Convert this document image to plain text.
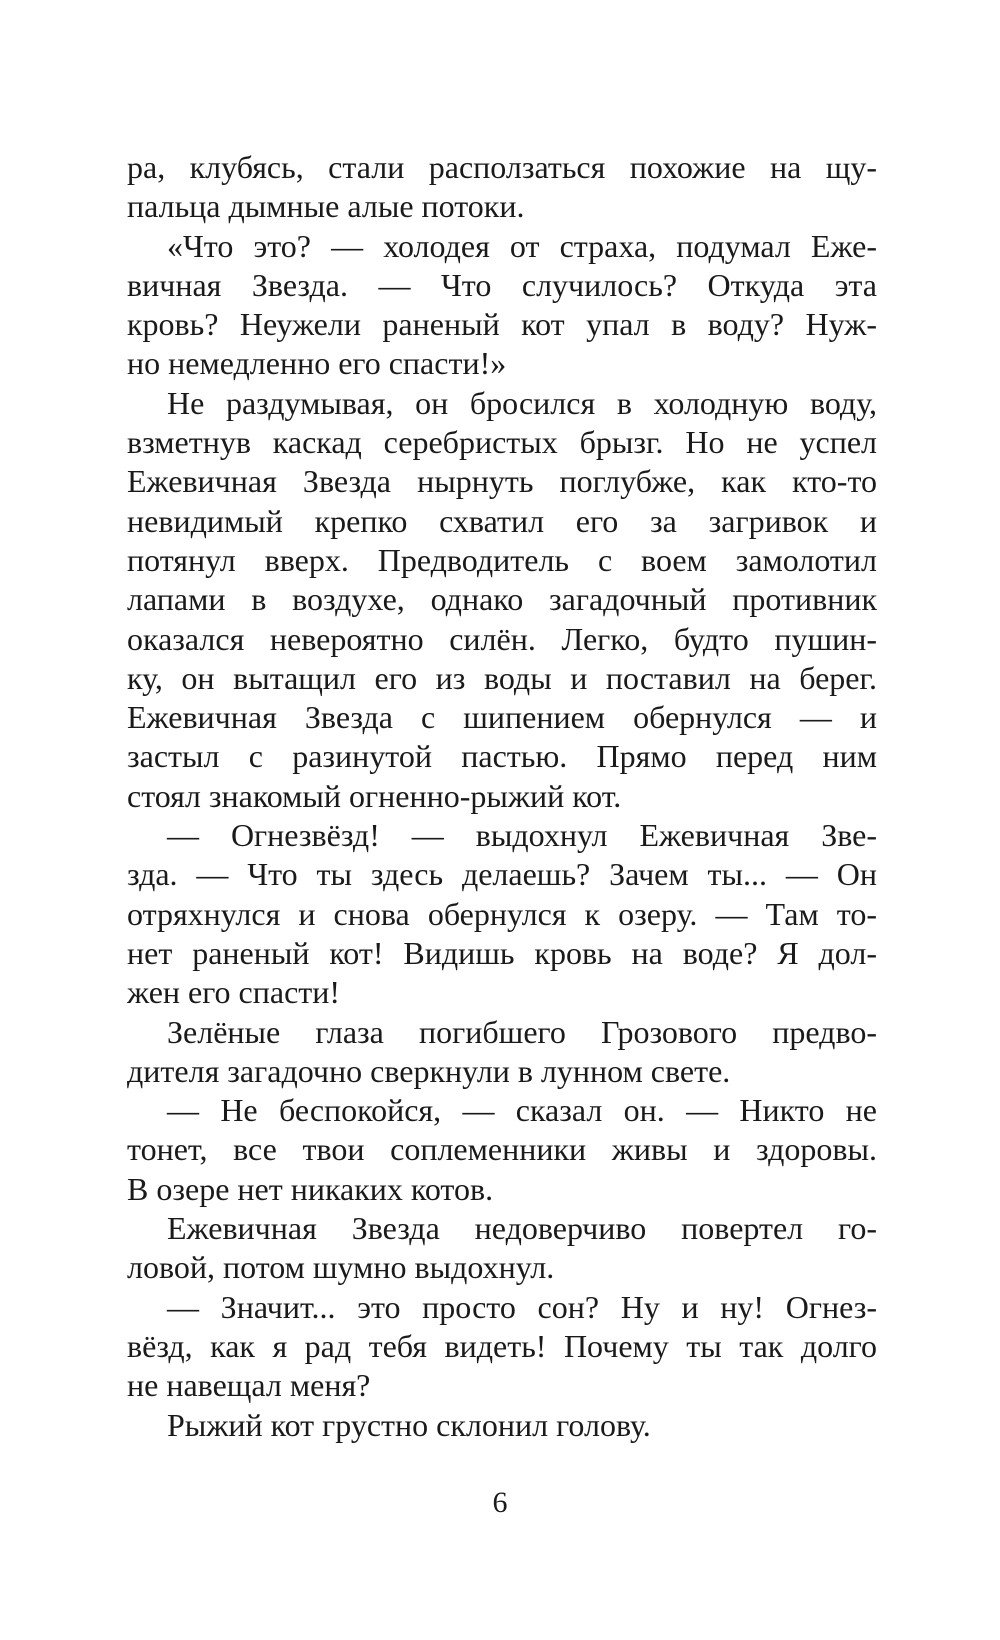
ра, клубясь, стали расползаться похожие на щу-
пальца дымные алые потоки.
«Что это? — холодея от страха, подумал Еже-
вичная Звезда. — Что случилось? Откуда эта
кровь? Неужели раненый кот упал в воду? Нуж-
но немедленно его спасти!»
Не раздумывая, он бросился в холодную воду,
взметнув каскад серебристых брызг. Но не успел
Ежевичная Звезда нырнуть поглубже, как кто-то
невидимый крепко схватил его за загривок и
потянул вверх. Предводитель с воем замолотил
лапами в воздухе, однако загадочный противник
оказался невероятно силён. Легко, будто пушин-
ку, он вытащил его из воды и поставил на берег.
Ежевичная Звезда с шипением обернулся — и
застыл с разинутой пастью. Прямо перед ним
стоял знакомый огненно-рыжий кот.
— Огнезвёзд! — выдохнул Ежевичная Зве-
зда. — Что ты здесь делаешь? Зачем ты... — Он
отряхнулся и снова обернулся к озеру. — Там то-
нет раненый кот! Видишь кровь на воде? Я дол-
жен его спасти!
Зелёные глаза погибшего Грозового предво-
дителя загадочно сверкнули в лунном свете.
— Не беспокойся, — сказал он. — Никто не
тонет, все твои соплеменники живы и здоровы.
В озере нет никаких котов.
Ежевичная Звезда недоверчиво повертел го-
ловой, потом шумно выдохнул.
— Значит... это просто сон? Ну и ну! Огнез-
вёзд, как я рад тебя видеть! Почему ты так долго
не навещал меня?
Рыжий кот грустно склонил голову.
6
